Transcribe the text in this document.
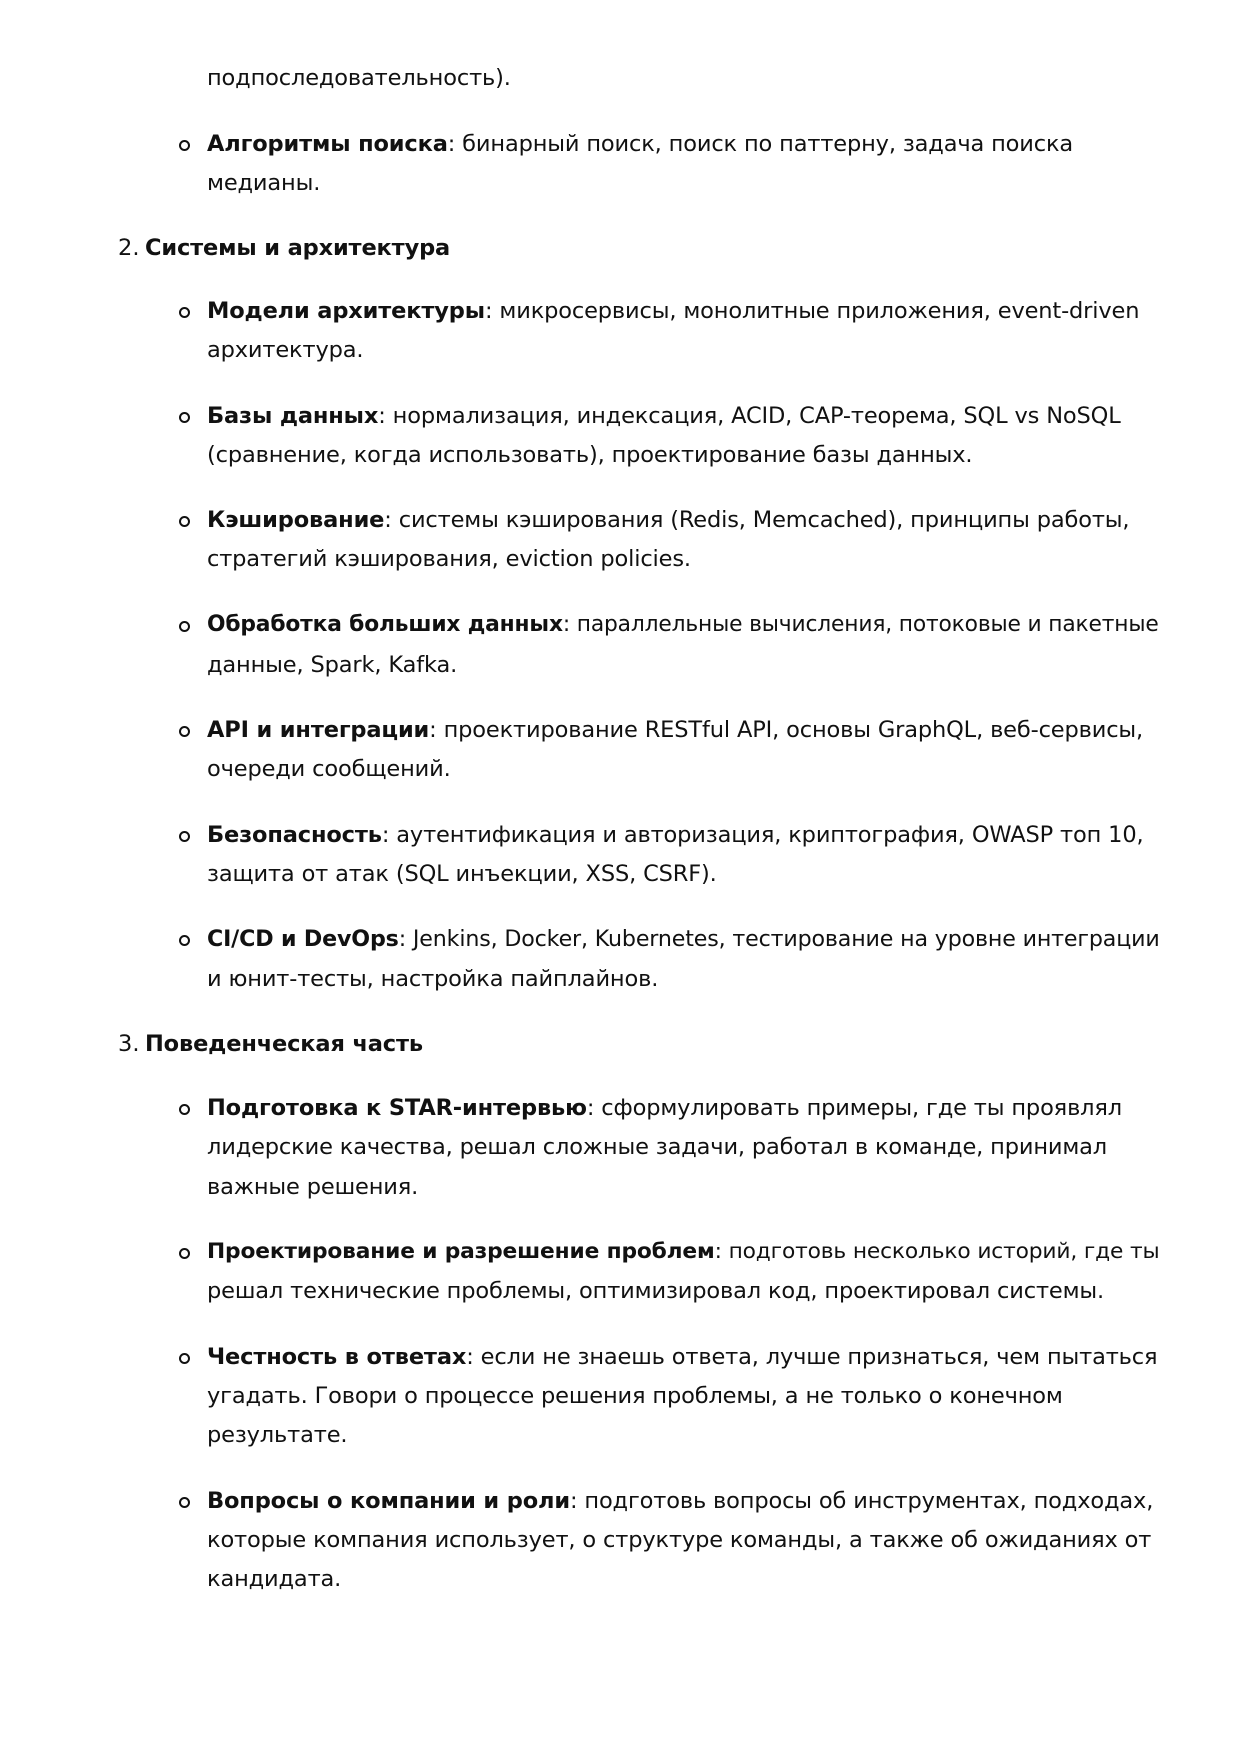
подпоследовательность).
Алгоритмы поиска: бинарный поиск, поиск по паттерну, задача поиска
медианы.
2. Системы и архитектура
Модели архитектуры: микросервисы, монолитные приложения, event-driven
архитектура.
Базы данных: нормализация, индексация, ACID, CAP-теорема, SQL vs NoSQL
(сравнение, когда использовать), проектирование базы данных.
Кэширование: системы кэширования (Redis, Memcached), принципы работы,
стратегий кэширования, eviction policies.
Обработка больших данных: параллельные вычисления, потоковые и пакетные
данные, Spark, Kafka.
API и интеграции: проектирование RESTful API, основы GraphQL, веб-сервисы,
очереди сообщений.
Безопасность: аутентификация и авторизация, криптография, OWASP топ 10,
защита от атак (SQL инъекции, XSS, CSRF).
CI/CD и DevOps: Jenkins, Docker, Kubernetes, тестирование на уровне интеграции
и юнит-тесты, настройка пайплайнов.
3. Поведенческая часть
Подготовка к STAR-интервью: сформулировать примеры, где ты проявлял
лидерские качества, решал сложные задачи, работал в команде, принимал
важные решения.
Проектирование и разрешение проблем: подготовь несколько историй, где ты
решал технические проблемы, оптимизировал код, проектировал системы.
Честность в ответах: если не знаешь ответа, лучше признаться, чем пытаться
угадать. Говори о процессе решения проблемы, а не только о конечном
результате.
Вопросы о компании и роли: подготовь вопросы об инструментах, подходах,
которые компания использует, о структуре команды, а также об ожиданиях от
кандидата.
